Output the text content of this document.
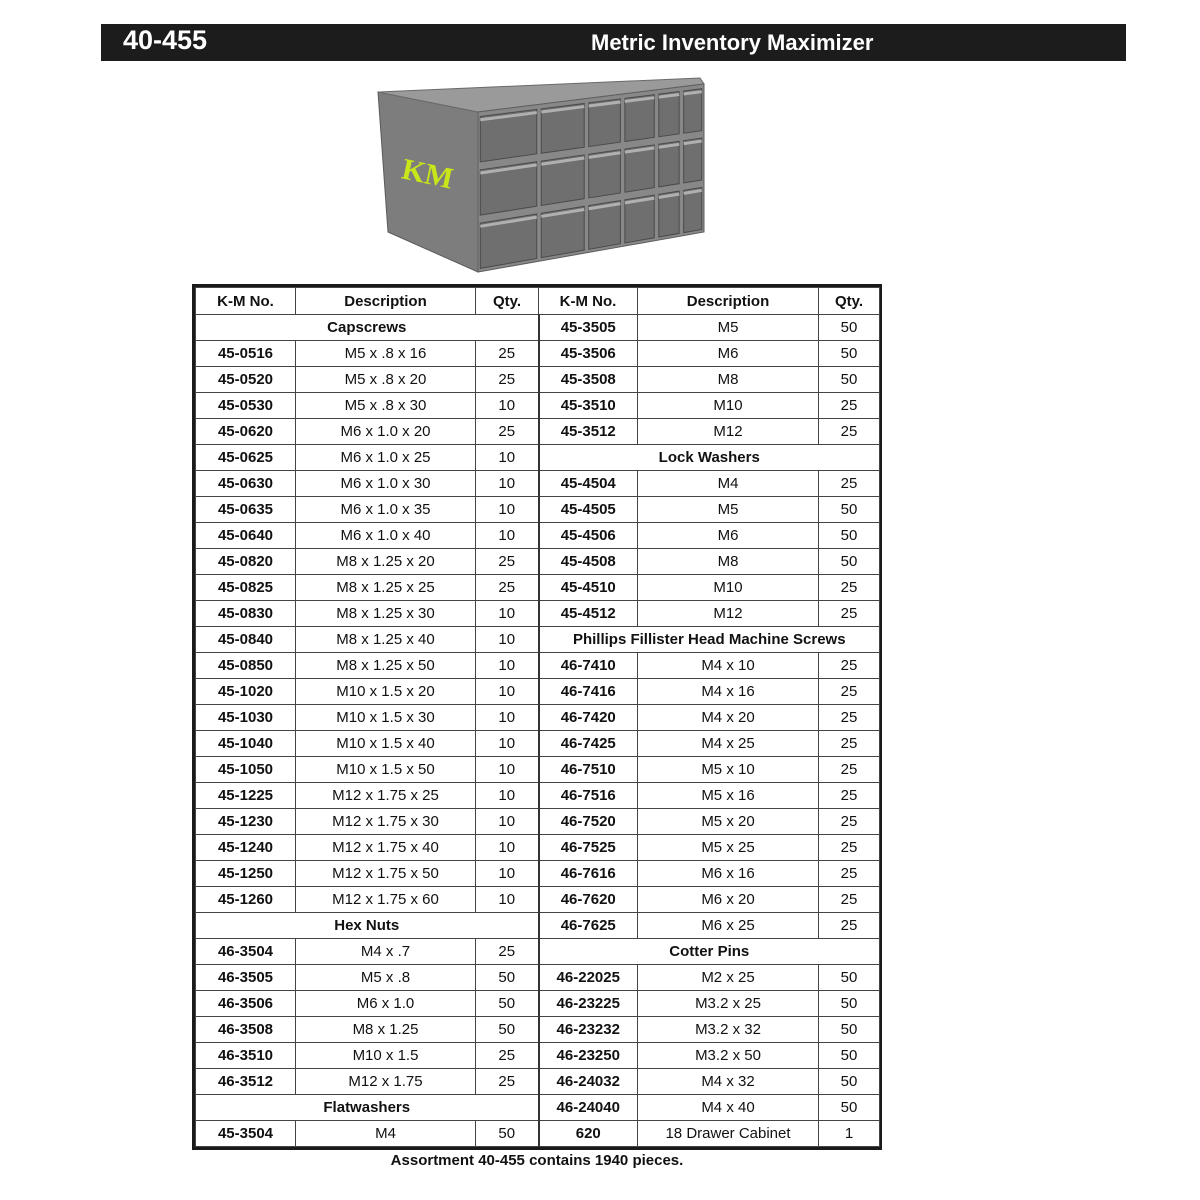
40-455	Metric Inventory Maximizer
KM
K-M No.	Description	Qty.	K-M No.	Description	Qty.
Capscrews			45-3505	M5	50
45-0516	M5 x .8 x 16	25	45-3506	M6	50
45-0520	M5 x .8 x 20	25	45-3508	M8	50
45-0530	M5 x .8 x 30	10	45-3510	M10	25
45-0620	M6 x 1.0 x 20	25	45-3512	M12	25
45-0625	M6 x 1.0 x 25	10	Lock Washers		
45-0630	M6 x 1.0 x 30	10	45-4504	M4	25
45-0635	M6 x 1.0 x 35	10	45-4505	M5	50
45-0640	M6 x 1.0 x 40	10	45-4506	M6	50
45-0820	M8 x 1.25 x 20	25	45-4508	M8	50
45-0825	M8 x 1.25 x 25	25	45-4510	M10	25
45-0830	M8 x 1.25 x 30	10	45-4512	M12	25
45-0840	M8 x 1.25 x 40	10	Phillips Fillister Head Machine Screws		
45-0850	M8 x 1.25 x 50	10	46-7410	M4 x 10	25
45-1020	M10 x 1.5 x 20	10	46-7416	M4 x 16	25
45-1030	M10 x 1.5 x 30	10	46-7420	M4 x 20	25
45-1040	M10 x 1.5 x 40	10	46-7425	M4 x 25	25
45-1050	M10 x 1.5 x 50	10	46-7510	M5 x 10	25
45-1225	M12 x 1.75 x 25	10	46-7516	M5 x 16	25
45-1230	M12 x 1.75 x 30	10	46-7520	M5 x 20	25
45-1240	M12 x 1.75 x 40	10	46-7525	M5 x 25	25
45-1250	M12 x 1.75 x 50	10	46-7616	M6 x 16	25
45-1260	M12 x 1.75 x 60	10	46-7620	M6 x 20	25
Hex Nuts			46-7625	M6 x 25	25
46-3504	M4 x .7	25	Cotter Pins		
46-3505	M5 x .8	50	46-22025	M2 x 25	50
46-3506	M6 x 1.0	50	46-23225	M3.2 x 25	50
46-3508	M8 x 1.25	50	46-23232	M3.2 x 32	50
46-3510	M10 x 1.5	25	46-23250	M3.2 x 50	50
46-3512	M12 x 1.75	25	46-24032	M4 x 32	50
Flatwashers			46-24040	M4 x 40	50
45-3504	M4	50	620	18 Drawer Cabinet	1
Assortment 40-455 contains 1940 pieces.
